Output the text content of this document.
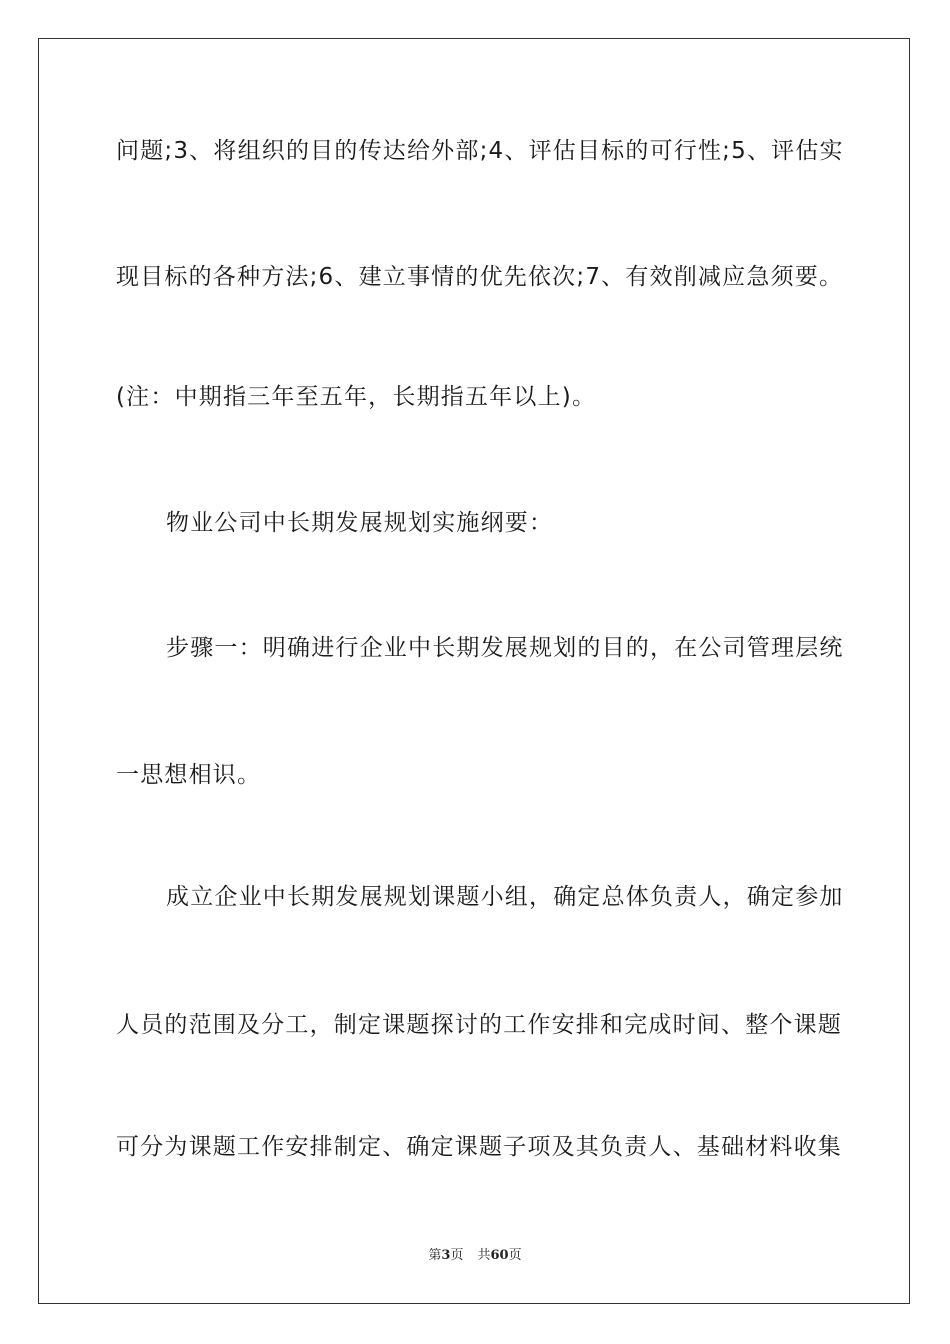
问题;3、将组织的目的传达给外部;4、评估目标的可行性;5、评估实
现目标的各种方法;6、建立事情的优先依次;7、有效削减应急须要。
(注：中期指三年至五年，长期指五年以上)。
物业公司中长期发展规划实施纲要：
步骤一：明确进行企业中长期发展规划的目的，在公司管理层统
一思想相识。
成立企业中长期发展规划课题小组，确定总体负责人，确定参加
人员的范围及分工，制定课题探讨的工作安排和完成时间、整个课题
可分为课题工作安排制定、确定课题子项及其负责人、基础材料收集
第3页 共60页
